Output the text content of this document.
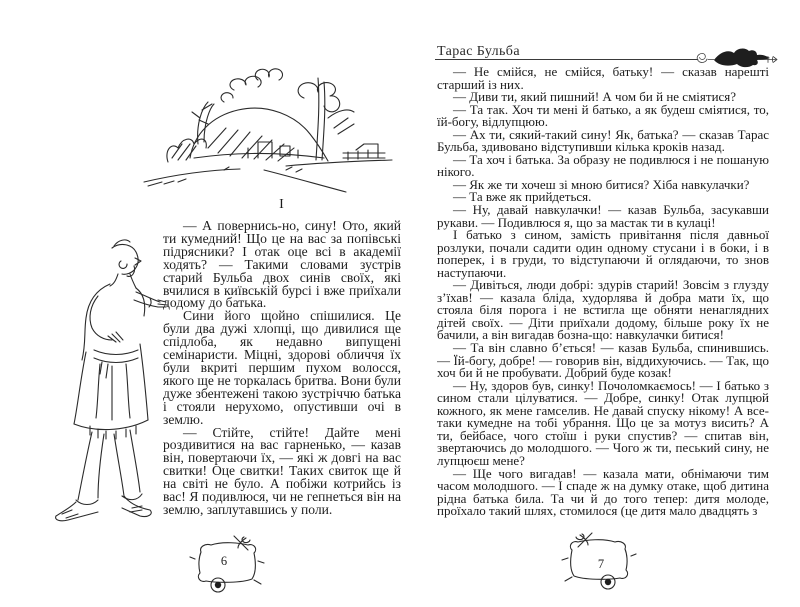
I

— А повернись-но, сину! Ото, який ти кумедний! Що це на вас за попівські підрясники? І отак оце всі в академії ходять? — Такими словами зустрів старий Бульба двох синів своїх, які вчилися в київській бурсі і вже приїхали додому до батька.

Сини його щойно спішилися. Це були два дужі хлопці, що дивилися ще спідлоба, як недавно випущені семінаристи. Міцні, здорові обличчя їх були вкриті першим пухом волосся, якого ще не торкалась бритва. Вони були дуже збентежені такою зустріччю батька і стояли нерухомо, опустивши очі в землю.

— Стійте, стійте! Дайте мені роздивитися на вас гарненько, — казав він, повертаючи їх, — які ж довгі на вас свитки! Оце свитки! Таких свиток ще й на світі не було. А побіжи котрийсь із вас! Я подивлюся, чи не гепнеться він на землю, заплутавшись у поли.

6
Тарас Бульба

— Не смійся, не смійся, батьку! — сказав нарешті старший із них.

— Диви ти, який пишний! А чом би й не сміятися?

— Та так. Хоч ти мені й батько, а як будеш сміятися, то, їй-богу, відлупцюю.

— Ах ти, сякий-такий сину! Як, батька? — сказав Тарас Бульба, здивовано відступивши кілька кроків назад.

— Та хоч і батька. За образу не подивлюся і не пошаную нікого.

— Як же ти хочеш зі мною битися? Хіба навкулачки?

— Та вже як прийдеться.

— Ну, давай навкулачки! — казав Бульба, засукавши рукави. — Подивлюся я, що за мастак ти в кулаці!

І батько з сином, замість привітання після давньої розлуки, почали садити один одному стусани і в боки, і в поперек, і в груди, то відступаючи й оглядаючи, то знов наступаючи.

— Дивіться, люди добрі: здурів старий! Зовсім з глузду з’їхав! — казала бліда, худорлява й добра мати їх, що стояла біля порога і не встигла ще обняти ненаглядних дітей своїх. — Діти приїхали додому, більше року їх не бачили, а він вигадав бозна-що: навкулачки битися!

— Та він славно б’ється! — казав Бульба, спинившись. — Їй-богу, добре! — говорив він, віддихуючись. — Так, що хоч би й не пробувати. Добрий буде козак!

— Ну, здоров був, синку! Почоломкаємось! — І батько з сином стали цілуватися. — Добре, синку! Отак лупцюй кожного, як мене гамселив. Не давай спуску нікому! А все-таки кумедне на тобі убрання. Що це за мотуз висить? А ти, бейбасе, чого стоїш і руки спустив? — спитав він, звертаючись до молодшого. — Чого ж ти, песький сину, не лупцюєш мене?

— Ще чого вигадав! — казала мати, обнімаючи тим часом молодшого. — І спаде ж на думку отаке, щоб дитина рідна батька била. Та чи й до того тепер: дитя молоде, проїхало такий шлях, стомилося (це дитя мало двадцять з

7
